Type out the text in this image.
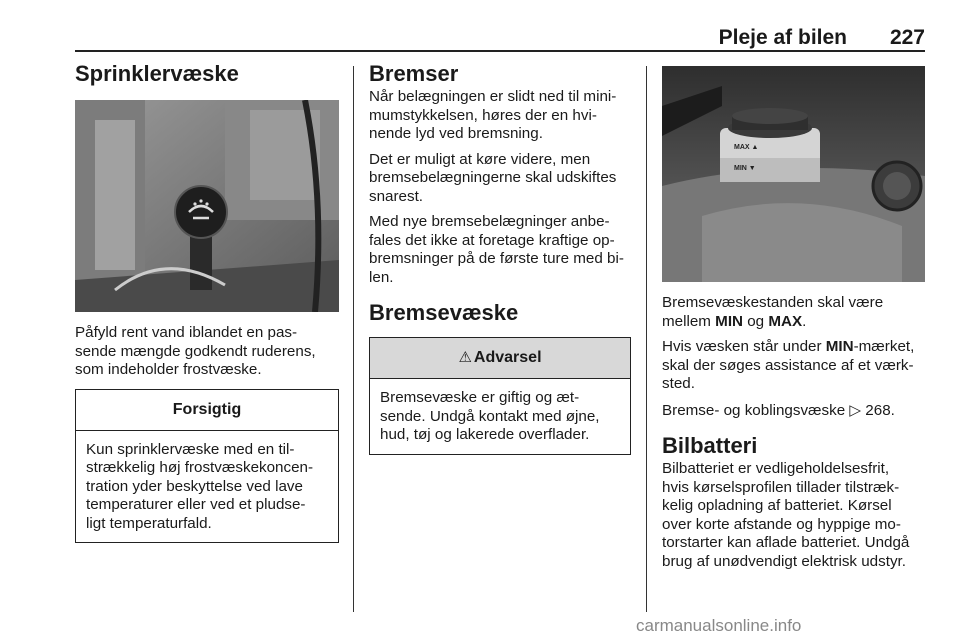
Pleje af bilen 227
Sprinklervæske

Påfyld rent vand iblandet en pas-
sende mængde godkendt ruderens,
som indeholder frostvæske.

Forsigtig
Kun sprinklervæske med en til-
strækkelig høj frostvæskekoncen-
tration yder beskyttelse ved lave
temperaturer eller ved et pludse-
ligt temperaturfald.
Bremser

Når belægningen er slidt ned til mini-
mumstykkelsen, høres der en hvi-
nende lyd ved bremsning.

Det er muligt at køre videre, men
bremsebelægningerne skal udskiftes
snarest.

Med nye bremsebelægninger anbe-
fales det ikke at foretage kraftige op-
bremsninger på de første ture med bi-
len.

Bremsevæske
⚠ Advarsel
Bremsevæske er giftig og æt-
sende. Undgå kontakt med øjne,
hud, tøj og lakerede overflader.
MAX ▲
MIN ▼

Bremsevæskestanden skal være
mellem MIN og MAX.

Hvis væsken står under MIN-mærket,
skal der søges assistance af et værk-
sted.

Bremse- og koblingsvæske ▷ 268.

Bilbatteri

Bilbatteriet er vedligeholdelsesfrit,
hvis kørselsprofilen tillader tilstræk-
kelig opladning af batteriet. Kørsel
over korte afstande og hyppige mo-
torstarter kan aflade batteriet. Undgå
brug af unødvendigt elektrisk udstyr.

carmanualsonline.info
